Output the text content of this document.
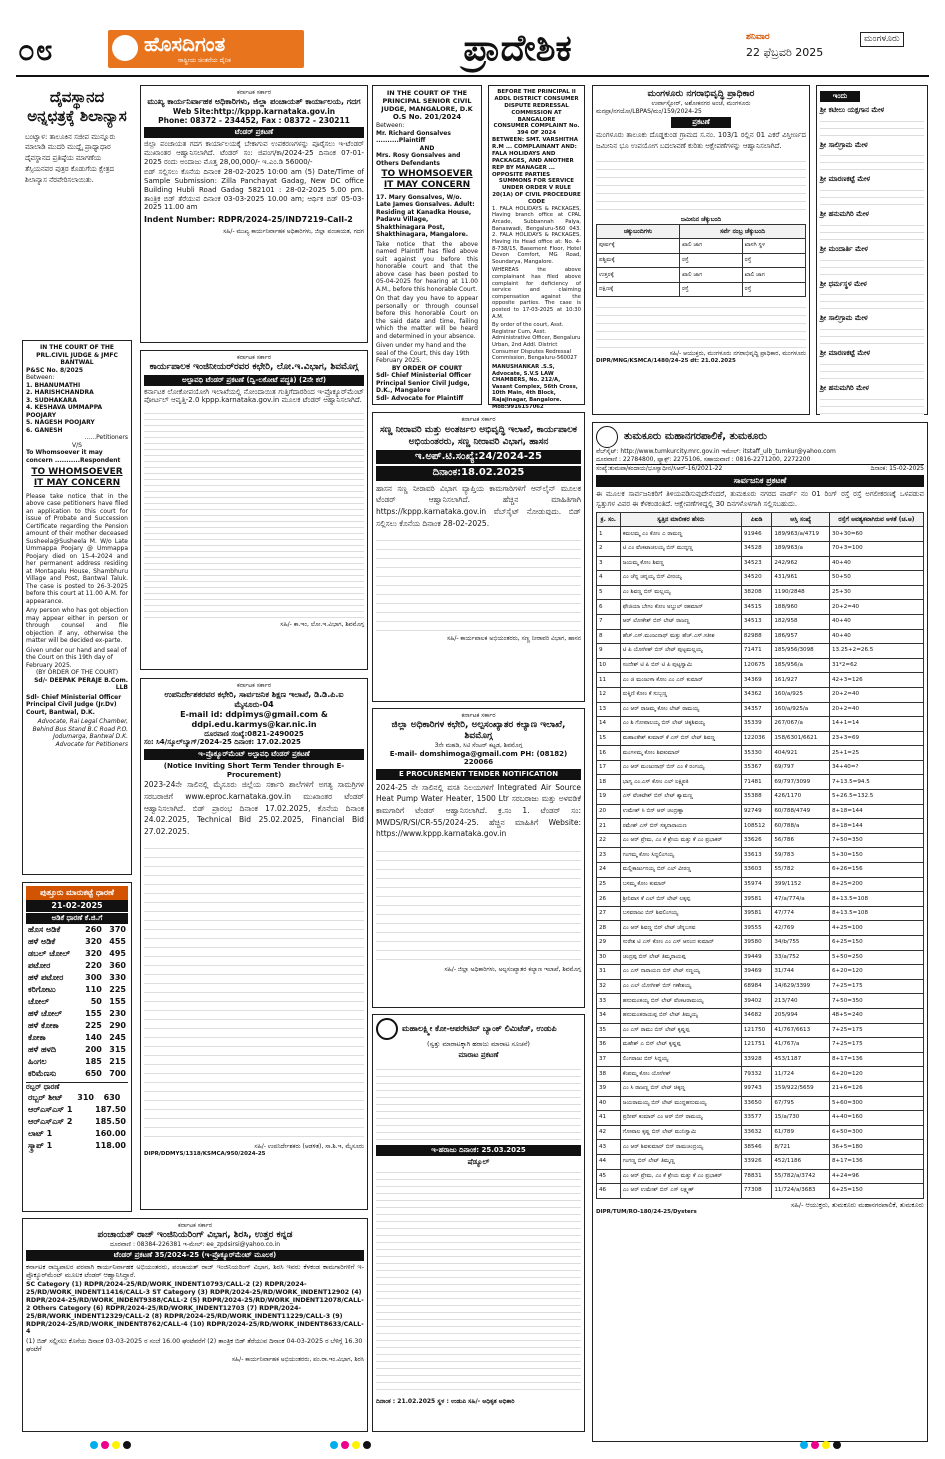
೦೮	ಹೊಸದಿಗಂತ
ರಾಷ್ಟ್ರೀಯ ಚಿಂತನೆಯ ದೈನಿಕ	ಪ್ರಾದೇಶಿಕ	ಶನಿವಾರ
22 ಫೆಬ್ರವರಿ 2025
ಮಂಗಳೂರು
ದೈವಸ್ಥಾನದ ಅನ್ನಛತ್ರಕ್ಕೆ ಶಿಲಾನ್ಯಾಸ
ಬಂಟ್ವಾಳ: ತಾಲೂಕಿನ ಸಜೀಪ ಮುನ್ನೂರು ಮಾಲಾಡಿ ಮುದರಿ ಮುದ್ದೈ ಪ್ರಾಥ್ಯಾಧಾರ ದೈವಸ್ಥಾನದ ಪ್ರತಿಷ್ಠೆಯ ಮಾಗಣೆಯ ತೆಸ್ಸಿಯನವರ ಪುತ್ರರ ಕೊಡುಗೆಯ ಕ್ಷೇತ್ರದ ಶಿಲಾನ್ಯಾಸ ನೆರವೇರಿಸಲಾಯಿತು.
IN THE COURT OF THE PRL.CIVIL JUDGE & JMFC BANTWAL
P&SC No. 8/2025
Between:
1. BHANUMATHI
2. HARISHCHANDRA
3. SUDHAKARA
4. KESHAVA UMMAPPA POOJARY
5. NAGESH POOJARY
6. GANESH
......Petitioners
V/S
To Whomsoever it may concern ...........Respondent
TO WHOMSOEVER IT MAY CONCERN
Please take notice that in the above case petitioners have filed an application to this court for issue of Probate and Succession Certificate regarding the Pension amount of their mother deceased Susheela@Susheela M. W/o Late Ummappa Poojary @ Ummappa Poojary died on 15-4-2024 and her permanent address residing at Montapalu House, Shambhuru Village and Post, Bantwal Taluk. The case is posted to 26-3-2025 before this court at 11.00 A.M. for appearance.
Any person who has got objection may appear either in person or through counsel and file objection if any, otherwise the matter will be decided ex-parte.
Given under our hand and seal of the Court on this 19th day of February 2025.
(BY ORDER OF THE COURT)
Sd/- DEEPAK PERAJE B.Com. LLB
Sdl- Chief Ministerial Officer Principal Civil Judge (Jr.Dv) Court, Bantwal, D.K.
Advocate, Rai Legal Chamber, Behind Bus Stand B.C Road P.O. Jodumarga, Bantwal D.K. Advocate for Petitioners
ಪುತ್ತೂರು ಮಾರುಕಟ್ಟೆ ಧಾರಣೆ
21-02-2025
ಅಡಿಕೆ ಧಾರಣೆ ಕೆ.ಜಿ.ಗೆ
ಹೊಸ ಅಡಿಕೆ	260	370
ಹಳೆ ಅಡಿಕೆ	320	455
ಡಬಲ್ ಚೋಲ್	320	495
ಪಟೋರ	220	360
ಹಳೆ ಪಟೋರ	300	330
ಕರಿಗೋಟು	110	225
ಚೋಲ್	50	155
ಹಳೆ ಚೋಲ್	155	230
ಹಳೆ ಕೋಕಾ	225	290
ಕೋಕಾ	140	245
ಹಳೆ ಹಳದಿ	200	315
ಹಿಂಗಲ	185	215
ಕರಿಮೆಣಸು	650	700
ರಬ್ಬರ್ ಧಾರಣೆ
ರಬ್ಬರ್ ಶೀಟ್	310	630
ಆರ್‌ಎಸ್‌ಎಸ್ 1	187.50
ಆರ್‌ಎಸ್‌ಎಸ್ 2	185.50
ಲಾಟ್ 1	160.00
ಸ್ಕ್ರಾಪ್ 1	118.00
ಕರ್ನಾಟಕ ಸರ್ಕಾರ
ಮುಖ್ಯ ಕಾರ್ಯನಿರ್ವಾಹಕ ಅಧಿಕಾರಿಗಳು, ಜಿಲ್ಲಾ ಪಂಚಾಯತ್ ಕಾರ್ಯಾಲಯ, ಗದಗ
Web Site:http://kppp.karnataka.gov.in
Phone: 08372 - 234452, Fax : 08372 - 230211
ಟೆಂಡರ್ ಪ್ರಕಟಣೆ
ಜಿಲ್ಲಾ ಪಂಚಾಯತ ಗದಗ ಕಾರ್ಯಾಲಯಕ್ಕೆ ಬೇಕಾಗುವ ಉಪಕರಣಗಳನ್ನು ಪೂರೈಸಲು ಇ-ಟೆಂಡರ್ ಮುಖಾಂತರ ಆಹ್ವಾನಿಸಲಾಗಿದೆ. ಟೆಂಡರ್ ಸಂ: ಜಿಪಂಗ/ಕಾ/2024-25 ದಿನಾಂಕ 07-01-2025 ರಂದು ಅಂದಾಜು ಮೊತ್ತ 28,00,000/- ಇ.ಎಂ.ಡಿ 56000/-
ಬಿಡ್ ಸಲ್ಲಿಸಲು ಕೊನೆಯ ದಿನಾಂಕ 28-02-2025 10:00 am (5) Date/Time of Sample Submission: Zilla Panchayat Gadag, New DC office Building Hubli Road Gadag 582101 : 28-02-2025 5.00 pm. ತಾಂತ್ರಿಕ ಬಿಡ್ ತೆರೆಯುವ ದಿನಾಂಕ 03-03-2025 10.00 am; ಆರ್ಥಿಕ ಬಿಡ್ 05-03-2025 11.00 am
Indent Number: RDPR/2024-25/IND7219-Call-2
ಸಹಿ/- ಮುಖ್ಯ ಕಾರ್ಯನಿರ್ವಾಹಕ ಅಧಿಕಾರಿಗಳು, ಜಿಲ್ಲಾ ಪಂಚಾಯತ, ಗದಗ
ಕರ್ನಾಟಕ ಸರ್ಕಾರ
ಕಾರ್ಯಪಾಲಕ ಇಂಜಿನೀಯರ್‌ರವರ ಕಛೇರಿ, ಲೋ.ಇ.ವಿಭಾಗ, ಶಿವಮೊಗ್ಗ
ಅಲ್ಪಾವಧಿ ಟೆಂಡರ್ ಪ್ರಕಟಣೆ (ದ್ವಿ-ಲಕೋಟೆ ಪದ್ಧತಿ) (2ನೇ ಕರೆ)
ಕರ್ನಾಟಕ ಲೋಕೋಪಯೋಗಿ ಇಲಾಖೆಯಲ್ಲಿ ನೋಂದಾಯಿತ ಗುತ್ತಿಗೆದಾರರಿಂದ ಇ-ಪ್ರೊಕ್ಯೂರ್‌ಮೆಂಟ್ ಪೋರ್ಟಲ್ ಆವೃತ್ತಿ-2.0 kppp.karnataka.gov.in ಮೂಲಕ ಟೆಂಡರ್ ಆಹ್ವಾನಿಸಲಾಗಿದೆ.
ಸಹಿ/- ಕಾ.ಇಂ, ಲೋ.ಇ.ವಿಭಾಗ, ಶಿವಮೊಗ್ಗ
ಕರ್ನಾಟಕ ಸರ್ಕಾರ
ಉಪನಿರ್ದೇಶಕರವರ ಕಛೇರಿ, ಸಾರ್ವಜನಿಕ ಶಿಕ್ಷಣ ಇಲಾಖೆ, ಡಿ.ಡಿ.ಪಿ.ಐ ಮೈಸೂರು-04
E-mail id: ddpimys@gmail.com & ddpi.edu.karmys@kar.nic.in
ದೂರವಾಣಿ ಸಂಖ್ಯೆ:0821-2490025
ಸಂ: ಸಿ4/ಸ್ಕೂಲ್‌ಬ್ಯಾಗ್/2024-25 ದಿನಾಂಕ: 17.02.2025
ಇ-ಪ್ರೊಕ್ಯೂರ್‌ಮೆಂಟ್ ಅಲ್ಪಾವಧಿ ಟೆಂಡರ್ ಪ್ರಕಟಣೆ
(Notice Inviting Short Term Tender through E-Procurement)
2023-24ನೇ ಸಾಲಿನಲ್ಲಿ ಮೈಸೂರು ಜಿಲ್ಲೆಯ ಸರ್ಕಾರಿ ಶಾಲೆಗಳಿಗೆ ಅಗತ್ಯ ಸಾಮಗ್ರಿಗಳ ಸರಬರಾಜಿಗೆ www.eproc.karnataka.gov.in ಮುಖಾಂತರ ಟೆಂಡರ್ ಆಹ್ವಾನಿಸಲಾಗಿದೆ. ಬಿಡ್ ಪ್ರಾರಂಭ ದಿನಾಂಕ 17.02.2025, ಕೊನೆಯ ದಿನಾಂಕ 24.02.2025, Technical Bid 25.02.2025, Financial Bid 27.02.2025.
ಸಹಿ/- ಉಪನಿರ್ದೇಶಕರು (ಆಡಳಿತ), ಸಾ.ಶಿ.ಇ, ಮೈಸೂರು
DIPR/DDMYS/1318/KSMCA/950/2024-25
IN THE COURT OF THE PRINCIPAL SENIOR CIVIL JUDGE, MANGALORE, D.K
O.S No. 201/2024
Between:
Mr. Richard Gonsalves ..........Plaintiff
AND
Mrs. Rosy Gonsalves and Others Defendants
TO WHOMSOEVER IT MAY CONCERN
17. Mary Gonsalves, W/o. Late James Gonsalves. Adult: Residing at Kanadka House, Padavu Village, Shakthinagara Post, Shakthinagara, Mangalore.
Take notice that the above named Plaintiff has filed above suit against you before this honorable court and that the above case has been posted to 05-04-2025 for hearing at 11.00 A.M., before this honorable Court.
On that day you have to appear personally or through counsel before this honorable Court on the said date and time, failing which the matter will be heard and determined in your absence.
Given under my hand and the seal of the Court, this day 19th February 2025.
BY ORDER OF COURT
Sdl- Chief Ministerial Officer Principal Senior Civil Judge, D.K., Mangalore
Sdl- Advocate for Plaintiff
ಕರ್ನಾಟಕ ಸರ್ಕಾರ
ಸಣ್ಣ ನೀರಾವರಿ ಮತ್ತು ಅಂತರ್ಜಲ ಅಭಿವೃದ್ಧಿ ಇಲಾಖೆ, ಕಾರ್ಯಪಾಲಕ ಅಭಿಯಂತರರು, ಸಣ್ಣ ನೀರಾವರಿ ವಿಭಾಗ, ಹಾಸನ
ಇ.ಅಪ್.ಟಿ.ಸಂಖ್ಯೆ:24/2024-25
ದಿನಾಂಕ:18.02.2025
ಹಾಸನ ಸಣ್ಣ ನೀರಾವರಿ ವಿಭಾಗ ವ್ಯಾಪ್ತಿಯ ಕಾಮಗಾರಿಗಳಿಗೆ ಆನ್‌ಲೈನ್ ಮೂಲಕ ಟೆಂಡರ್ ಆಹ್ವಾನಿಸಲಾಗಿದೆ. ಹೆಚ್ಚಿನ ಮಾಹಿತಿಗಾಗಿ https://kppp.karnataka.gov.in ವೆಬ್‌ಸೈಟ್ ನೋಡುವುದು. ಬಿಡ್ ಸಲ್ಲಿಸಲು ಕೊನೆಯ ದಿನಾಂಕ 28-02-2025.
ಸಹಿ/- ಕಾರ್ಯಪಾಲಕ ಅಭಿಯಂತರರು, ಸಣ್ಣ ನೀರಾವರಿ ವಿಭಾಗ, ಹಾಸನ
ಕರ್ನಾಟಕ ಸರ್ಕಾರ
ಜಿಲ್ಲಾ ಅಧಿಕಾರಿಗಳ ಕಛೇರಿ, ಅಲ್ಪಸಂಖ್ಯಾತರ ಕಲ್ಯಾಣ ಇಲಾಖೆ, ಶಿವಮೊಗ್ಗ
3ನೇ ಮಹಡಿ, ಸಿಟಿ ಸೆಂಟರ್ ಕಟ್ಟಡ, ಶಿವಮೊಗ್ಗ
E-mail- domshimoga@gmail.com PH: (08182) 220066
E PROCUREMENT TENDER NOTIFICATION
2024-25 ನೇ ಸಾಲಿನಲ್ಲಿ ವಸತಿ ನಿಲಯಗಳಿಗೆ Integrated Air Source Heat Pump Water Heater, 1500 Ltr ಸರಬರಾಜು ಮತ್ತು ಅಳವಡಿಕೆ ಕಾಮಗಾರಿಗೆ ಟೆಂಡರ್ ಆಹ್ವಾನಿಸಲಾಗಿದೆ. ಕ್ರ.ಸಂ 1. ಟೆಂಡರ್ ಸಂ: MWDS/R/SI/CR-55/2024-25. ಹೆಚ್ಚಿನ ಮಾಹಿತಿಗೆ Website: https://www.kppp.karnataka.gov.in
ಸಹಿ/- ಜಿಲ್ಲಾ ಅಧಿಕಾರಿಗಳು, ಅಲ್ಪಸಂಖ್ಯಾತರ ಕಲ್ಯಾಣ ಇಲಾಖೆ, ಶಿವಮೊಗ್ಗ
ಮಹಾಲಕ್ಷ್ಮೀ ಕೋ-ಆಪರೇಟಿವ್ ಬ್ಯಾಂಕ್ ಲಿಮಿಟೆಡ್, ಉಡುಪಿ
(ಸ್ವತ್ತು ಮಾರಾಟಕ್ಕಾಗಿ ಹರಾಜು ಮಾರಾಟ ಸೂಚನೆ)
ಮಾರಾಟ ಪ್ರಕಟಣೆ
ಇ-ಹರಾಜು ದಿನಾಂಕ: 25.03.2025
ಷೆಡ್ಯೂಲ್
ದಿನಾಂಕ : 21.02.2025 ಸ್ಥಳ : ಉಡುಪಿ ಸಹಿ/- ಅಧಿಕೃತ ಅಧಿಕಾರಿ
BEFORE THE PRINCIPAL II ADDL DISTRICT CONSUMER DISPUTE REDRESSAL COMMISSION AT BANGALORE
CONSUMER COMPLAINT No. 394 OF 2024
BETWEEN: SMT. VARSHITHA R.M ... COMPLAINANT AND: FALA HOLIDAYS AND PACKAGES, AND ANOTHER REP BY MANAGER ... OPPOSITE PARTIES
SUMMONS FOR SERVICE UNDER ORDER V RULE 20(1A) OF CIVIL PROCEDURE CODE
1. FALA HOLIDAYS & PACKAGES, Having branch office at CPAL Arcade, Subbannah Palya, Banaswadi, Bengaluru-560 043. 2. FALA HOLIDAYS & PACKAGES, Having its Head office at: No. 4-8-738/15, Basement Floor, Hotel Devon Comfort, MG Road, Soundarya, Mangalore.
WHEREAS the above complainant has filed above complaint for deficiency of service and claiming compensation against the opposite parties. The case is posted to 17-03-2025 at 10:30 A.M.
By order of the court, Asst. Registrar Cum, Asst. Administrative Officer, Bengaluru Urban, 2nd Addl. District Consumer Disputes Redressal Commission, Bengaluru-560027
MANUSHANKAR .S.S, Advocate, S.V.S LAW CHAMBERS, No. 212/A, Vasant Complex, 56th Cross, 10th Main, 4th Block, Rajajinagar, Bangalore. Mob:9916157062
ಮಂಗಳೂರು ನಗರಾಭಿವೃದ್ಧಿ ಪ್ರಾಧಿಕಾರ
ಉರ್ವಾಸ್ಟೋರ್, ಅಶೋಕನಗರ ಅಂಚೆ, ಮಂಗಳೂರು
ಮನಪ್ರಾ/ನಗಯೋ/LBPAS/ಮಂ/159/2024-25
ಪ್ರಕಟಣೆ
ಮಂಗಳೂರು ತಾಲೂಕು ದೊಡ್ಡಕುಂಡ ಗ್ರಾಮದ ಸ.ನಂ. 103/1 ರಲ್ಲಿನ 01 ಎಕರೆ ವಿಸ್ತೀರ್ಣದ ಜಮೀನಿನ ಭೂ ಉಪಯೋಗ ಬದಲಾವಣೆ ಕುರಿತು ಆಕ್ಷೇಪಣೆಗಳನ್ನು ಆಹ್ವಾನಿಸಲಾಗಿದೆ.
ಜಮೀನಿನ ಚೆಕ್ಕುಬಂದಿ
ಚಕ್ಕುಬಂದಿಗಳು	ಸರ್ವೆ ನಂಬ್ರ ಚೆಕ್ಕುಬಂದಿ	
ಪೂರ್ವಕ್ಕೆ	ಖಾಲಿ ಜಾಗ	ಖಾಸಗಿ ಸ್ಥಳ
ಪಶ್ಚಿಮಕ್ಕೆ	ರಸ್ತೆ	ರಸ್ತೆ
ಉತ್ತರಕ್ಕೆ	ಖಾಲಿ ಜಾಗ	ಖಾಲಿ ಜಾಗ
ದಕ್ಷಿಣಕ್ಕೆ	ರಸ್ತೆ	ರಸ್ತೆ
ಸಹಿ/- ಆಯುಕ್ತರು, ಮಂಗಳೂರು ನಗರಾಭಿವೃದ್ಧಿ ಪ್ರಾಧಿಕಾರ, ಮಂಗಳೂರು
DIPR/MNG/KSMCA/1480/24-25 dt: 21.02.2025
ಇಂದು
ಶ್ರೀ ಕಟೀಲು ಯಕ್ಷಗಾನ ಮೇಳ
ಶ್ರೀ ಸಾಲಿಗ್ರಾಮ ಮೇಳ
ಶ್ರೀ ಮಾರಣಕಟ್ಟೆ ಮೇಳ
ಶ್ರೀ ಹನುಮಗಿರಿ ಮೇಳ
ಶ್ರೀ ಮಂದಾರ್ತಿ ಮೇಳ
ಶ್ರೀ ಧರ್ಮಸ್ಥಳ ಮೇಳ
ಶ್ರೀ ಸಾಲಿಗ್ರಾಮ ಮೇಳ
ಶ್ರೀ ಮಾರಣಕಟ್ಟೆ ಮೇಳ
ಶ್ರೀ ಹನುಮಗಿರಿ ಮೇಳ
ತುಮಕೂರು ಮಹಾನಗರಪಾಲಿಕೆ, ತುಮಕೂರು
ವೆಬ್‌ಸೈಟ್: http://www.tumkurcity.mrc.gov.in ಇಮೇಲ್: itstaff_ulb_tumkur@yahoo.com
ದೂರವಾಣಿ : 22784800, ಫ್ಯಾಕ್ಸ್: 2275106, ಸಹಾಯವಾಣಿ : 0816-2271200, 2272200
ಸಂಖ್ಯೆ:ತುಮಪಾ/ಕಂದಾಯ/ಭೂಸ್ವಾಧೀನ/ಸಿಆರ್-16/2021-22	ದಿನಾಂಕ: 15-02-2025
ಸಾರ್ವಜನಿಕ ಪ್ರಕಟಣೆ
ಈ ಮೂಲಕ ಸಾರ್ವಜನಿಕರಿಗೆ ತಿಳಿಯಪಡಿಸುವುದೇನೆಂದರೆ, ತುಮಕೂರು ನಗರದ ವಾರ್ಡ್ ನಂ 01 ರಿಂಗ್ ರಸ್ತೆ ರಸ್ತೆ ಅಗಲೀಕರಣಕ್ಕೆ ಒಳಪಡುವ ಸ್ವತ್ತುಗಳ ವಿವರ ಈ ಕೆಳಕಂಡಂತಿದೆ. ಆಕ್ಷೇಪಣೆಗಳಿದ್ದಲ್ಲಿ 30 ದಿನಗಳೊಳಗಾಗಿ ಸಲ್ಲಿಸಬಹುದು.
ಕ್ರ. ಸಂ.	ಸ್ವತ್ತಿನ ಮಾಲೀಕರ ಹೆಸರು	ಪಿಐಡಿ	ಆಸ್ತಿ ಸಂಖ್ಯೆ	ರಸ್ತೆಗೆ ಅವಶ್ಯಕವಾಗಿರುವ ಅಳತೆ (ಚ.ಅ)
1	ಕಮಲಮ್ಮ ಎಂ ಕೋಂ ಎ ರಾಮಣ್ಣ	91946	189/963/a/4719	30+30=60
2	ಟಿ ಎಂ ವೆಂಕಟಾಚಲಯ್ಯ ಬಿನ್ ಮುದ್ದಣ್ಣ	34528	189/963/a	70+3=100
3	ಜಯಮ್ಮ ಕೋಂ ಶಿವಣ್ಣ	34523	242/962	40+40
4	ಎಂ ಚೆನ್ನ ಚನ್ನಯ್ಯ ಬಿನ್ ವೀರಯ್ಯ	34520	431/961	50+50
5	ಎಂ ಶಿವಣ್ಣ ಬಿನ್ ಮಲ್ಲಯ್ಯ	38208	1190/2848	25+30
6	ಫೌಜಿಯಾ ಬೇಗಂ ಕೋಂ ಅಬ್ದುಲ್ ರಹಮಾನ್	34515	188/960	20+2=40
7	ಆರ್ ಲೋಕೇಶ್ ಬಿನ್ ಲೇಟ್ ರಾಜಣ್ಣ	34513	182/958	40+40
8	ಹೆಚ್.ಎಸ್.ಮಂಜುನಾಥ್ ಮತ್ತು ಹೆಚ್.ಎಸ್.ಸತೀಶ	82988	186/957	40+40
9	ಟಿ ಪಿ ಯೋಗೀಶ್ ಬಿನ್ ಲೇಟ್ ಪುಟ್ಟಮಲ್ಲಯ್ಯ	71471	185/956/3098	13.25+2=26.5
10	ಸಂದೇಶ್ ಟಿ ಪಿ ಬಿನ್ ಟಿ ಪಿ ಪುಟ್ಟಸ್ವಾಮಿ	120675	185/956/a	31*2=62
11	ಎಂ ಜಿ ಮಂಜುಳಾ ಕೋಂ ಎಂ ಎನ್ ಕುಮಾರ್	34369	161/927	42+3=126
12	ರುಕ್ಮಿಣಿ ಕೋಂ ಕೆ ಸುಬ್ಬಣ್ಣ	34362	160/a/925	20+2=40
13	ಎಂ ಆರ್ ರಾಜಮ್ಮ ಕೋಂ ಲೇಟ್ ರಾಮಯ್ಯ	34357	160/a/925/a	20+2=40
14	ಎಂ ಶಿ ಗೋಪಾಲಯ್ಯ ಬಿನ್ ಲೇಟ್ ಚಿಕ್ಕಶಿವಯ್ಯ	35339	267/067/a	14+1=14
15	ಮಹಾಂತೇಶ್ ಕುಮಾರ್ ಕೆ ಎಸ್ ಬಿನ್ ಲೇಟ್ ಶಿವಣ್ಣ	122036	158/6301/6621	23+3=69
16	ಮಂಗಳಮ್ಮ ಕೋಂ ಶಿವಕುಮಾರ್	35330	404/921	25+1=25
17	ಎಂ ಆರ್ ಮಂಜುನಾಥ್ ಬಿನ್ ಎಂ ಕೆ ರಂಗಯ್ಯ	35367	69/797	34+40=?
18	ಭಾಗ್ಯ ಎಂ.ಎಸ್ ಕೋಂ ಎಲ್ ಲಕ್ಷ್ಮಿಪತಿ	71481	69/797/3099	7+13.5=94.5
19	ಎಸ್ ವೆಂಕಟೇಶ್ ಬಿನ್ ಲೇಟ್ ಶ್ಯಾಮಣ್ಣ	35388	426/1170	5+26.5=132.5
20	ಉಮೇಶ್ ಸಿ ಬಿನ್ ಆರ್ ಚಂದ್ರಣ್ಣಾ	92749	60/788/4749	8+18=144
21	ರಮೇಶ್ ಎಸ್ ಬಿನ್ ಸತ್ಯನಾರಾಯಣ	108512	60/788/a	8+18=144
22	ಎಂ ಆರ್ ಪ್ರೇಮ, ಎಂ ಕೆ ಶ್ರೇಯ ಮತ್ತು ಕೆ ಎಂ ಪ್ರಭಾಕರ್	33626	56/786	7+50=350
23	ಗಂಗಮ್ಮ ಕೋಂ ಸಿದ್ದಲಿಂಗಯ್ಯ	33613	59/783	5+30=150
24	ಮಲ್ಲಿಕಾರ್ಜುನಯ್ಯ ಬಿನ್ ಎಲ್ ವೀರಣ್ಣ	33603	55/782	6+26=156
25	ಬಸಮ್ಮ ಕೋಂ ಕುಮಾರ್	35974	399/1152	8+25=200
26	ಶ್ರೀನಿವಾಸ ಕೆ ಎಲ್ ಬಿನ್ ಲೇಟ್ ಲಕ್ಕಪ್ಪ	39581	47/a/774/a	8+13.5=108
27	ಬಸವರಾಜು ಬಿನ್ ಶಿವಲಿಂಗಯ್ಯ	39581	47/774	8+13.5=108
28	ಎಂ ಆರ್ ಶಿವಣ್ಣ ಬಿನ್ ಲೇಟ್ ಚೆನ್ನಬಸವ	39555	42/769	4+25=100
29	ಸುರೇಶ ಟಿ ಎಸ್ ಕೋಂ ಎಂ ಎಸ್ ಆನಂದ ಕುಮಾರ್	39580	34/b/755	6+25=150
30	ಚಂದ್ರಪ್ಪ ಬಿನ್ ಲೇಟ್ ತಿಮ್ಮರಾಯಪ್ಪ	39449	33/a/752	5+50=250
31	ಎಂ ಎಸ್ ನಾರಾಯಣ ಬಿನ್ ಲೇಟ್ ಸಣ್ಣಯ್ಯ	39469	31/744	6+20=120
32	ಎಂ ಎಲ್ ಯೋಗೀಶ್ ಬಿನ್ ಗಣೇಶಯ್ಯ	68984	14/629/3399	7+25=175
33	ಹನುಮಂತಯ್ಯ ಬಿನ್ ಲೇಟ್ ವೆಂಕಟರಾಮಯ್ಯ	39402	213/740	7+50=350
34	ಹನುಮಂತರಾಯಪ್ಪ ಬಿನ್ ಲೇಟ್ ತಿಮ್ಮಯ್ಯ	34682	205/994	48+5=240
35	ಎಂ ಎಸ್ ರಾಮು ಬಿನ್ ಲೇಟ್ ಕೃಷ್ಣಪ್ಪ	121750	41/767/6613	7+25=175
36	ಮಹೇಶ್ ಎ ಬಿನ್ ಲೇಟ್ ಕೃಷ್ಣಪ್ಪ	121751	41/767/a	7+25=175
37	ಲಿಂಗರಾಜು ಬಿನ್ ಸಿದ್ದಯ್ಯ	33928	453/1187	8+17=136
38	ಕೆಂಪಮ್ಮ ಕೋಂ ಯೋಗೀಶ್	79332	11/724	6+20=120
39	ಎಂ ಸಿ ರಾಜಣ್ಣ ಬಿನ್ ಲೇಟ್ ಚಿಕ್ಕಣ್ಣ	99743	159/922/5659	21+6=126
40	ಜಯರಾಮಯ್ಯ ಬಿನ್ ಲೇಟ್ ಮುದ್ದಹನುಮಯ್ಯ	33650	67/795	5+60=300
41	ಪ್ರದೀಪ್ ಕುಮಾರ್ ಎಂ ಆರ್ ಬಿನ್ ರಾಮಯ್ಯ	33577	15/a/730	4+40=160
42	ಗೋಪಾಲ ಕೃಷ್ಣ ಬಿನ್ ಲೇಟ್ ಮುನಿಸ್ವಾಮಿ	33632	61/789	6+50=300
43	ಎಂ ಆರ್ ಶಿವಕುಮಾರ್ ಬಿನ್ ರಾಮಚಂದ್ರಯ್ಯ	38546	8/721	36+5=180
44	ಗಂಗಣ್ಣ ಬಿನ್ ಲೇಟ್ ತಿಮ್ಮಣ್ಣ	33926	452/1186	8+17=136
45	ಎಂ ಆರ್ ಪ್ರೇಮ, ಎಂ ಕೆ ಶ್ರೇಯ ಮತ್ತು ಕೆ ಎಂ ಪ್ರಭಾಕರ್	78831	55/782/a/3742	4+24=96
46	ಎಂ ಆರ್ ಉಮೇಶ್ ಬಿನ್ ಎಸ್ ಲಕ್ಷ್ಮಣ್	77308	11/724/a/3683	6+25=150
ಸಹಿ/- ಆಯುಕ್ತರು, ತುಮಕೂರು ಮಹಾನಗರಪಾಲಿಕೆ, ತುಮಕೂರು
DIPR/TUM/RO-180/24-25/Dysters
ಕರ್ನಾಟಕ ಸರ್ಕಾರ
ಪಂಚಾಯತ್ ರಾಜ್ ಇಂಜಿನಿಯರಿಂಗ್ ವಿಭಾಗ, ಶಿರಸಿ, ಉತ್ತರ ಕನ್ನಡ
ದೂರವಾಣಿ : 08384-226381 ಇ-ಮೇಲ್: ee_zpdsirsi@yahoo.co.in
ಟೆಂಡರ್ ಪ್ರಕಟಣೆ 35/2024-25 (ಇ-ಪ್ರೊಕ್ಯೂರ್‌ಮೆಂಟ್ ಮೂಲಕ)
ಕರ್ನಾಟಕ ರಾಜ್ಯಪಾಲರ ಪರವಾಗಿ ಕಾರ್ಯನಿರ್ವಾಹಕ ಅಭಿಯಂತರರು, ಪಂಚಾಯತ್ ರಾಜ್ ಇಂಜಿನಿಯರಿಂಗ್ ವಿಭಾಗ, ಶಿರಸಿ ಇವರು ಕೆಳಕಂಡ ಕಾಮಗಾರಿಗಳಿಗೆ ಇ-ಪ್ರೊಕ್ಯೂರ್‌ಮೆಂಟ್ ಮೂಲಕ ಟೆಂಡರ್ ಆಹ್ವಾನಿಸಿದ್ದಾರೆ.
SC Category (1) RDPR/2024-25/RD/WORK_INDENT10793/CALL-2 (2) RDPR/2024-25/RD/WORK_INDENT11416/CALL-3 ST Category (3) RDPR/2024-25/RD/WORK_INDENT12902 (4) RDPR/2024-25/RD/WORK_INDENT9388/CALL-2 (5) RDPR/2024-25/RD/WORK_INDENT12078/CALL-2 Others Category (6) RDPR/2024-25/RD/WORK_INDENT12703 (7) RDPR/2024-25/BR/WORK_INDENT12329/CALL-2 (8) RDPR/2024-25/RD/WORK_INDENT11229/CALL-3 (9) RDPR/2024-25/RD/WORK_INDENT8762/CALL-4 (10) RDPR/2024-25/RD/WORK_INDENT8633/CALL-4
(1) ಬಿಡ್ ಸಲ್ಲಿಸಲು ಕೊನೆಯ ದಿನಾಂಕ 03-03-2025 ರ ಸಂಜೆ 16.00 ಘಂಟೆವರೆಗೆ (2) ತಾಂತ್ರಿಕ ಬಿಡ್ ತೆರೆಯುವ ದಿನಾಂಕ 04-03-2025 ರ ಬೆಳಿಗ್ಗೆ 16.30 ಘಂಟೆಗೆ
ಸಹಿ/- ಕಾರ್ಯನಿರ್ವಾಹಕ ಅಭಿಯಂತರರು, ಪಂ.ರಾ.ಇಂ.ವಿಭಾಗ, ಶಿರಸಿ
